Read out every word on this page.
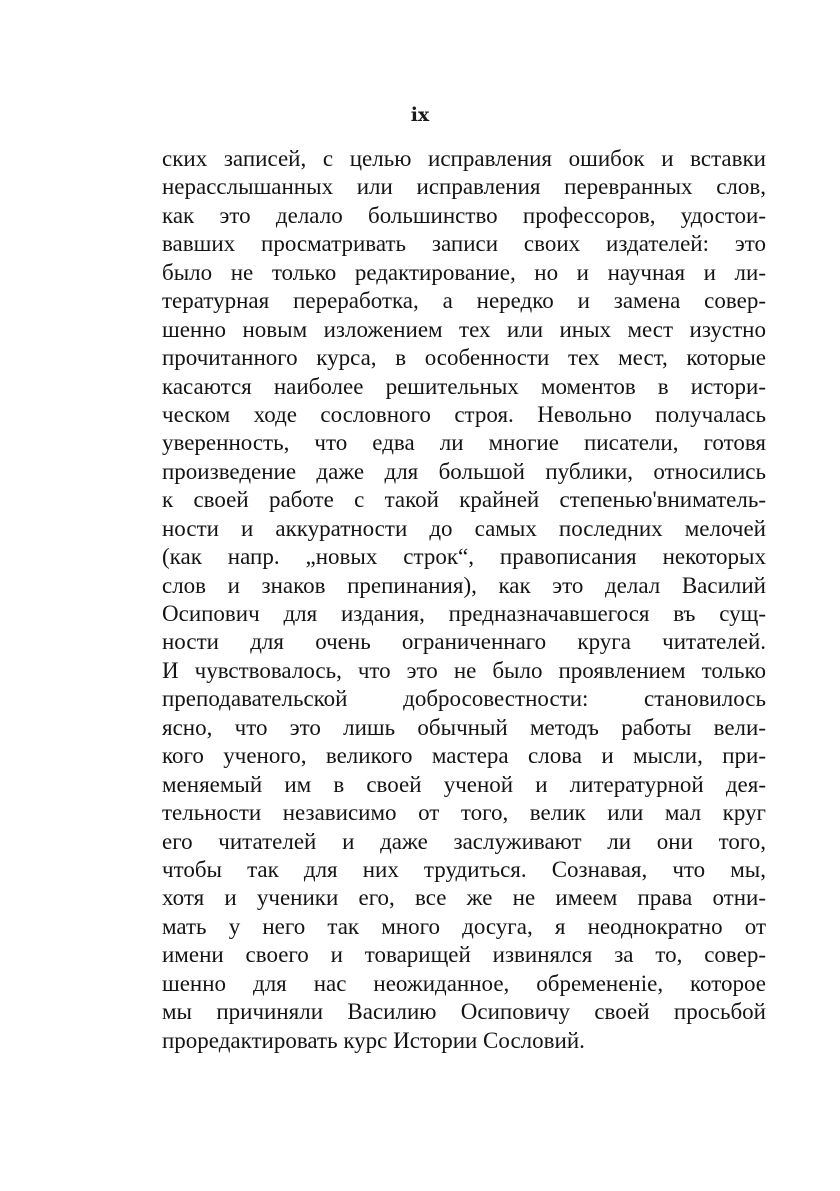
ix
ских записей, с целью исправления ошибок и вставки
нерасслышанных или исправления перевранных слов,
как это делало большинство профессоров, удостои-
вавших просматривать записи своих издателей: это
было не только редактирование, но и научная и ли-
тературная переработка, а нередко и замена совер-
шенно новым изложением тех или иных мест изустно
прочитанного курса, в особенности тех мест, которые
касаются наиболее решительных моментов в истори-
ческом ходе сословного строя. Невольно получалась
уверенность, что едва ли многие писатели, готовя
произведение даже для большой публики, относились
к своей работе с такой крайней степенью'вниматель-
ности и аккуратности до самых последних мелочей
(как напр. „новых строк“, правописания некоторых
слов и знаков препинания), как это делал Василий
Осипович для издания, предназначавшегося въ сущ-
ности для очень ограниченнаго круга читателей.
И чувствовалось, что это не было проявлением только
преподавательской добросовестности: становилось
ясно, что это лишь обычный методъ работы вели-
кого ученого, великого мастера слова и мысли, при-
меняемый им в своей ученой и литературной дея-
тельности независимо от того, велик или мал круг
его читателей и даже заслуживают ли они того,
чтобы так для них трудиться. Сознавая, что мы,
хотя и ученики его, все же не имеем права отни-
мать у него так много досуга, я неоднократно от
имени своего и товарищей извинялся за то, совер-
шенно для нас неожиданное, обремененіе, которое
мы причиняли Василию Осиповичу своей просьбой
проредактировать курс Истории Сословий.
